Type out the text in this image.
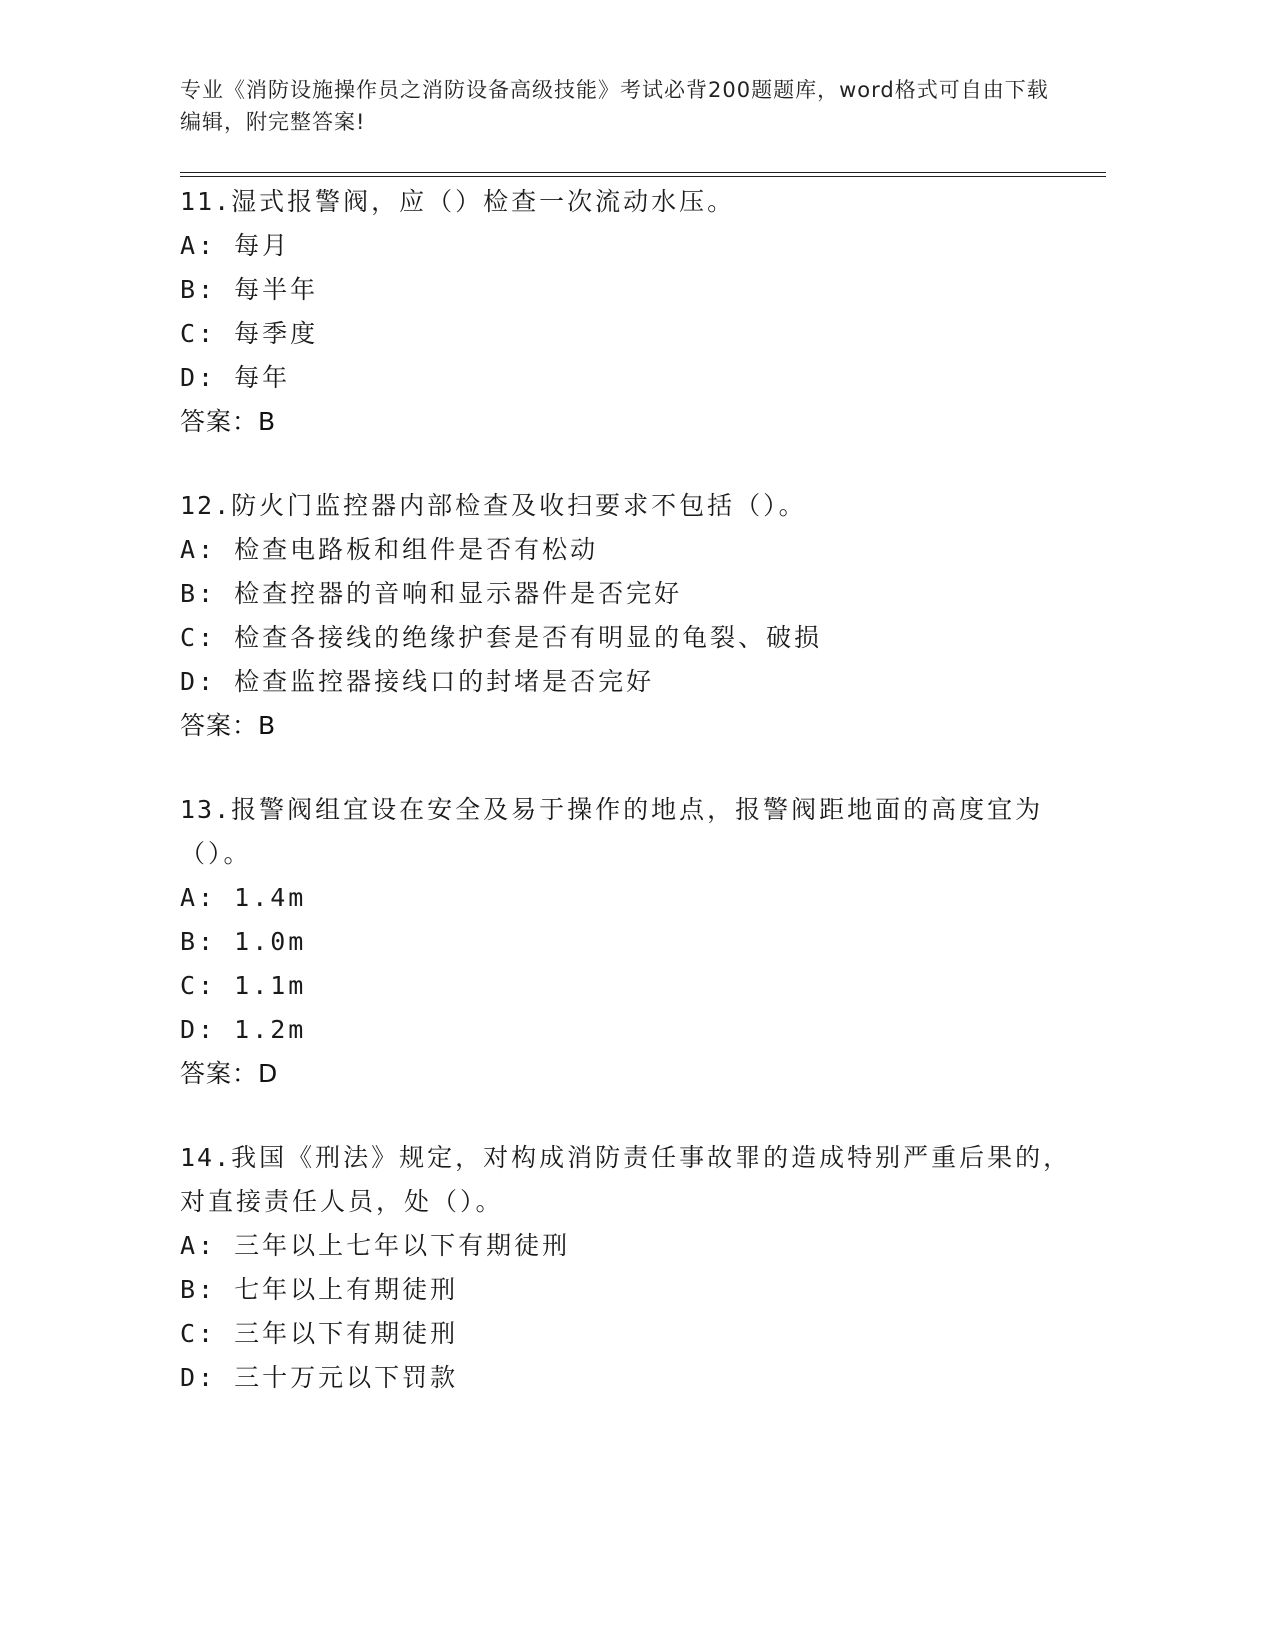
专业《消防设施操作员之消防设备高级技能》考试必背200题题库，word格式可自由下载编辑，附完整答案!
11.湿式报警阀，应（）检查一次流动水压。
A: 每月
B: 每半年
C: 每季度
D: 每年
答案：B
12.防火门监控器内部检查及收扫要求不包括（）。
A: 检查电路板和组件是否有松动
B: 检查控器的音响和显示器件是否完好
C: 检查各接线的绝缘护套是否有明显的龟裂、破损
D: 检查监控器接线口的封堵是否完好
答案：B
13.报警阀组宜设在安全及易于操作的地点，报警阀距地面的高度宜为（）。
A: 1.4m
B: 1.0m
C: 1.1m
D: 1.2m
答案：D
14.我国《刑法》规定，对构成消防责任事故罪的造成特别严重后果的，对直接责任人员，处（）。
A: 三年以上七年以下有期徒刑
B: 七年以上有期徒刑
C: 三年以下有期徒刑
D: 三十万元以下罚款
